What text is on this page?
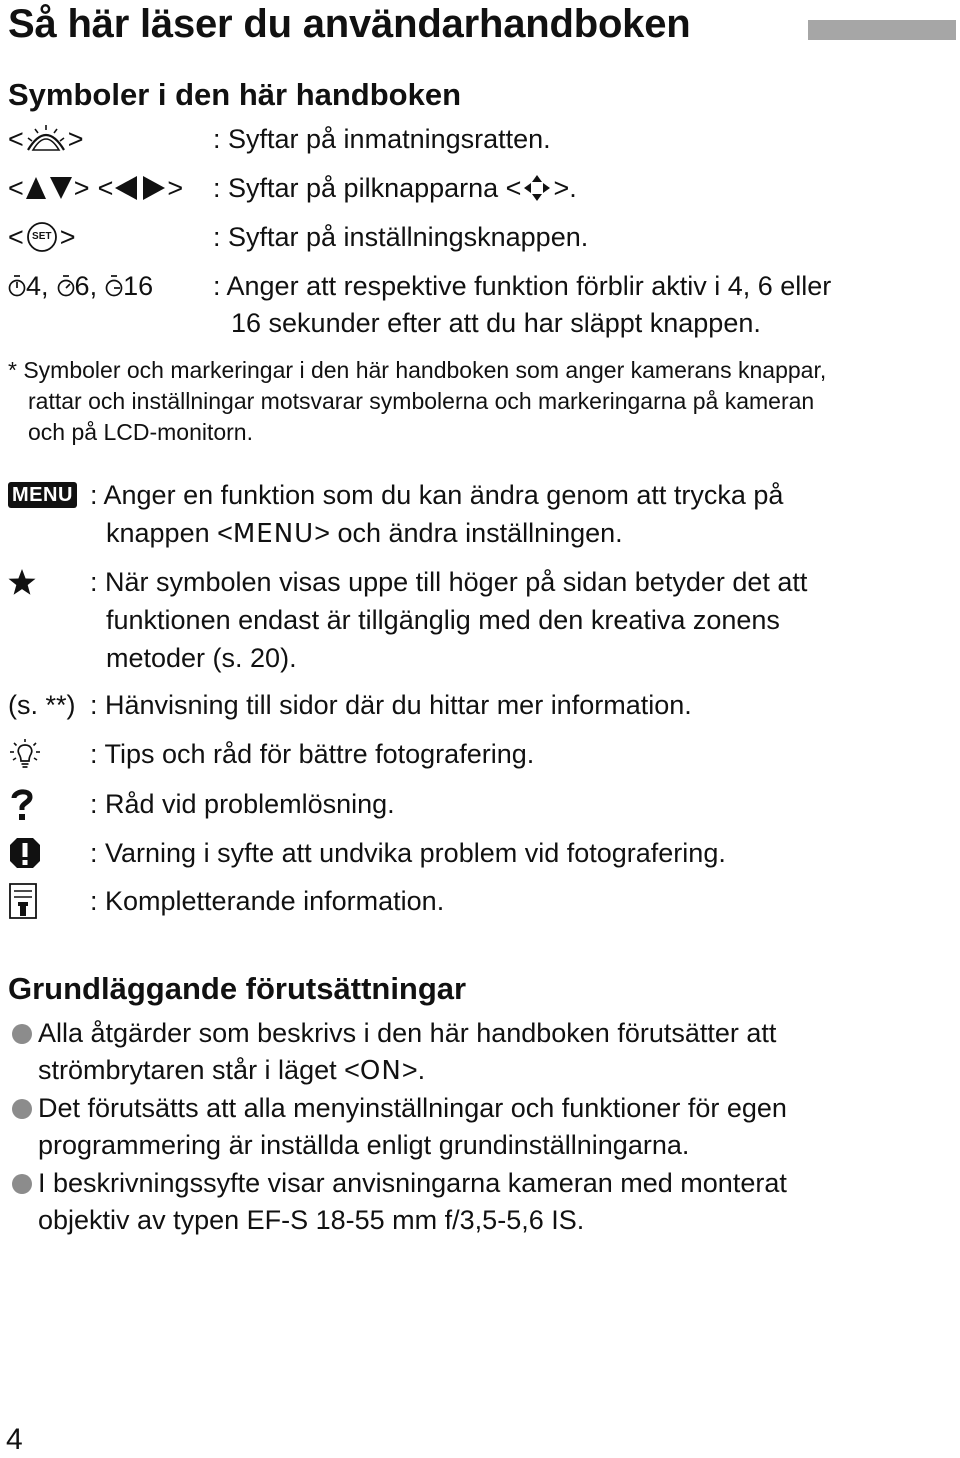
Så här läser du användarhandboken
Symboler i den här handboken
< >	: Syftar på inmatningsratten.
< > < > : Syftar på pilknapparna < >.
< SET >	: Syftar på inställningsknappen.
4 , 6 , 16 : Anger att respektive funktion förblir aktiv i 4, 6 eller
16 sekunder efter att du har släppt knappen.
* Symboler och markeringar i den här handboken som anger kamerans knappar,
rattar och inställningar motsvarar symbolerna och markeringarna på kameran
och på LCD-monitorn.
MENU : Anger en funktion som du kan ändra genom att trycka på
knappen <MENU> och ändra inställningen.
: När symbolen visas uppe till höger på sidan betyder det att
funktionen endast är tillgänglig med den kreativa zonens
metoder (s. 20).
(s. **) : Hänvisning till sidor där du hittar mer information.
: Tips och råd för bättre fotografering.
: Råd vid problemlösning.
: Varning i syfte att undvika problem vid fotografering.
: Kompletterande information.
Grundläggande förutsättningar
Alla åtgärder som beskrivs i den här handboken förutsätter att
strömbrytaren står i läget <ON>.
Det förutsätts att alla menyinställningar och funktioner för egen
programmering är inställda enligt grundinställningarna.
I beskrivningssyfte visar anvisningarna kameran med monterat
objektiv av typen EF-S 18-55 mm f/3,5-5,6 IS.
4
